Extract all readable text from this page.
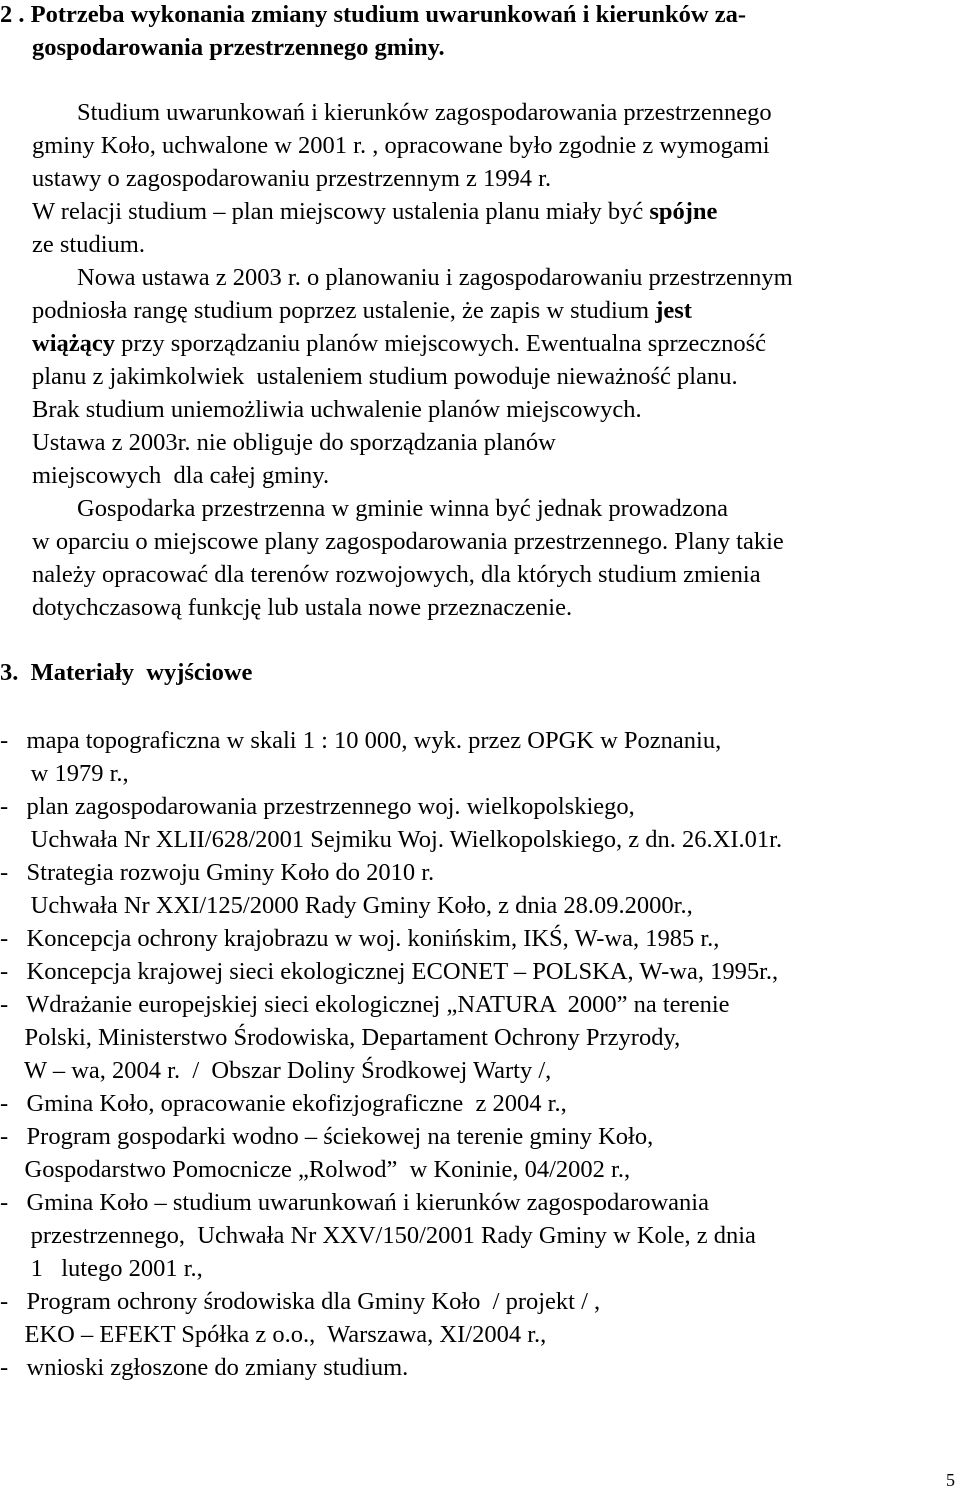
2 . Potrzeba wykonania zmiany studium uwarunkowań i kierunków za-
gospodarowania przestrzennego gminy.
Studium uwarunkowań i kierunków zagospodarowania przestrzennego
gminy Koło, uchwalone w 2001 r. , opracowane było zgodnie z wymogami
ustawy o zagospodarowaniu przestrzennym z 1994 r.
W relacji studium – plan miejscowy ustalenia planu miały być spójne
ze studium.
Nowa ustawa z 2003 r. o planowaniu i zagospodarowaniu przestrzennym
podniosła rangę studium poprzez ustalenie, że zapis w studium jest
wiążący przy sporządzaniu planów miejscowych. Ewentualna sprzeczność
planu z jakimkolwiek  ustaleniem studium powoduje nieważność planu.
Brak studium uniemożliwia uchwalenie planów miejscowych.
Ustawa z 2003r. nie obliguje do sporządzania planów
miejscowych  dla całej gminy.
Gospodarka przestrzenna w gminie winna być jednak prowadzona
w oparciu o miejscowe plany zagospodarowania przestrzennego. Plany takie
należy opracować dla terenów rozwojowych, dla których studium zmienia
dotychczasową funkcję lub ustala nowe przeznaczenie.
3.  Materiały  wyjściowe
-   mapa topograficzna w skali 1 : 10 000, wyk. przez OPGK w Poznaniu,
w 1979 r.,
-   plan zagospodarowania przestrzennego woj. wielkopolskiego,
Uchwała Nr XLII/628/2001 Sejmiku Woj. Wielkopolskiego, z dn. 26.XI.01r.
-   Strategia rozwoju Gminy Koło do 2010 r.
Uchwała Nr XXI/125/2000 Rady Gminy Koło, z dnia 28.09.2000r.,
-   Koncepcja ochrony krajobrazu w woj. konińskim, IKŚ, W-wa, 1985 r.,
-   Koncepcja krajowej sieci ekologicznej ECONET – POLSKA, W-wa, 1995r.,
-   Wdrażanie europejskiej sieci ekologicznej „NATURA  2000” na terenie
Polski, Ministerstwo Środowiska, Departament Ochrony Przyrody,
W – wa, 2004 r.  /  Obszar Doliny Środkowej Warty /,
-   Gmina Koło, opracowanie ekofizjograficzne  z 2004 r.,
-   Program gospodarki wodno – ściekowej na terenie gminy Koło,
Gospodarstwo Pomocnicze „Rolwod”  w Koninie, 04/2002 r.,
-   Gmina Koło – studium uwarunkowań i kierunków zagospodarowania
przestrzennego,  Uchwała Nr XXV/150/2001 Rady Gminy w Kole, z dnia
1   lutego 2001 r.,
-   Program ochrony środowiska dla Gminy Koło  / projekt / ,
EKO – EFEKT Spółka z o.o.,  Warszawa, XI/2004 r.,
-   wnioski zgłoszone do zmiany studium.
5
